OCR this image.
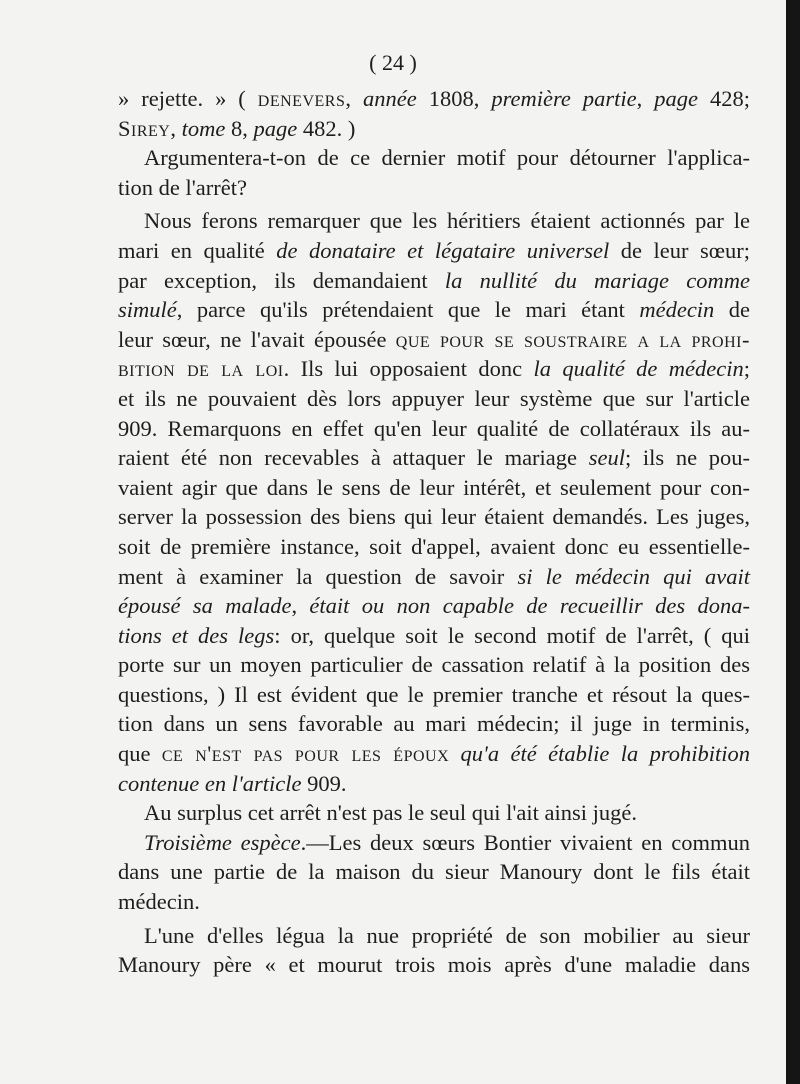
( 24 )
» rejette. » ( denevers, année 1808, première partie, page 428;
Sirey, tome 8, page 482. )
Argumentera-t-on de ce dernier motif pour détourner l'applica-
tion de l'arrêt?
Nous ferons remarquer que les héritiers étaient actionnés par le
mari en qualité de donataire et légataire universel de leur sœur;
par exception, ils demandaient la nullité du mariage comme
simulé, parce qu'ils prétendaient que le mari étant médecin de
leur sœur, ne l'avait épousée que pour se soustraire a la prohi-
bition de la loi. Ils lui opposaient donc la qualité de médecin;
et ils ne pouvaient dès lors appuyer leur système que sur l'article
909. Remarquons en effet qu'en leur qualité de collatéraux ils au-
raient été non recevables à attaquer le mariage seul; ils ne pou-
vaient agir que dans le sens de leur intérêt, et seulement pour con-
server la possession des biens qui leur étaient demandés. Les juges,
soit de première instance, soit d'appel, avaient donc eu essentielle-
ment à examiner la question de savoir si le médecin qui avait
épousé sa malade, était ou non capable de recueillir des dona-
tions et des legs: or, quelque soit le second motif de l'arrêt, ( qui
porte sur un moyen particulier de cassation relatif à la position des
questions, ) Il est évident que le premier tranche et résout la ques-
tion dans un sens favorable au mari médecin; il juge in terminis,
que ce n'est pas pour les époux qu'a été établie la prohibition
contenue en l'article 909.
Au surplus cet arrêt n'est pas le seul qui l'ait ainsi jugé.
Troisième espèce.—Les deux sœurs Bontier vivaient en commun
dans une partie de la maison du sieur Manoury dont le fils était
médecin.
L'une d'elles légua la nue propriété de son mobilier au sieur
Manoury père « et mourut trois mois après d'une maladie dans
